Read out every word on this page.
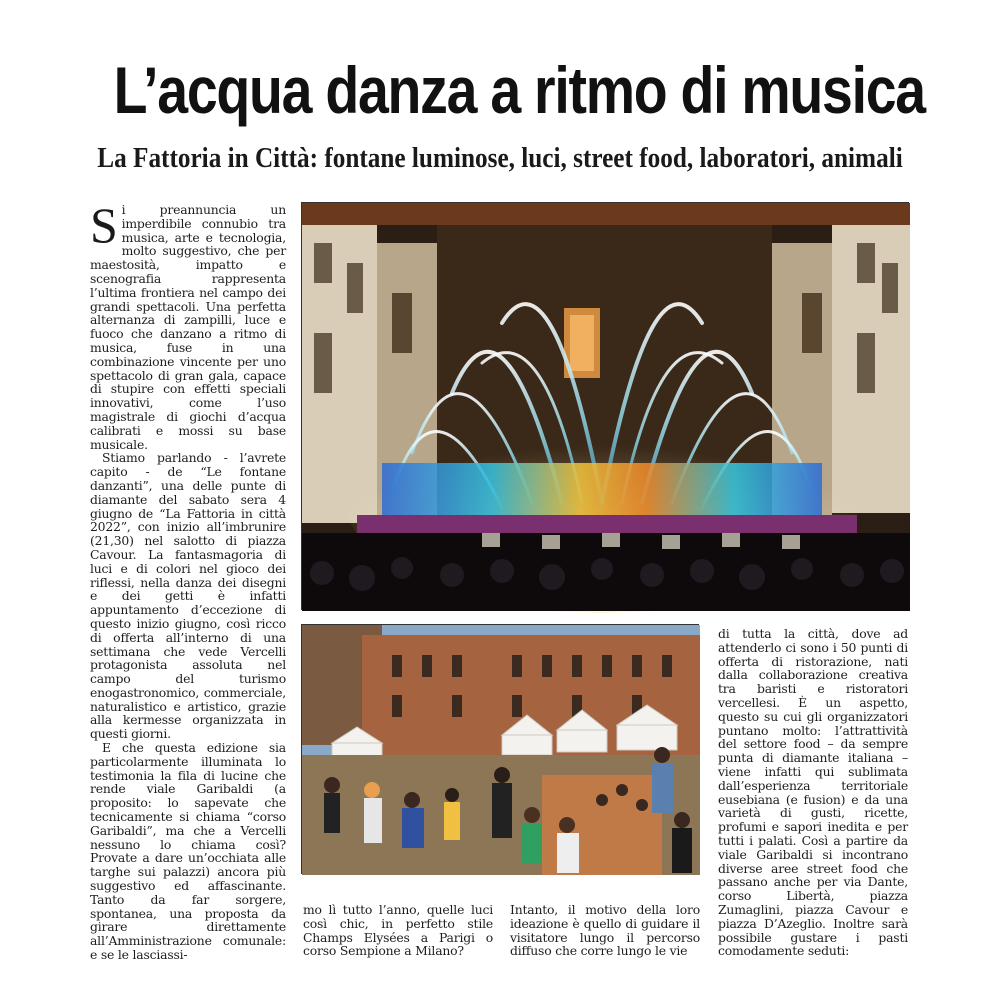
L’acqua danza a ritmo di musica
La Fattoria in Città: fontane luminose, luci, street food, laboratori, animali

Si preannuncia un imperdibile connubio tra musica, arte e tecnologia, molto suggestivo, che per maestosità, impatto e scenografia rappresenta l’ultima frontiera nel campo dei grandi spettacoli. Una perfetta alternanza di zampilli, luce e fuoco che danzano a ritmo di musica, fuse in una combinazione vincente per uno spettacolo di gran gala, capace di stupire con effetti speciali innovativi, come l’uso magistrale di giochi d’acqua calibrati e mossi su base musicale.

Stiamo parlando - l’avrete capito - de “Le fontane danzanti”, una delle punte di diamante del sabato sera 4 giugno de “La Fattoria in città 2022”, con inizio all’imbrunire (21,30) nel salotto di piazza Cavour. La fantasmagoria di luci e di colori nel gioco dei riflessi, nella danza dei disegni e dei getti è infatti appuntamento d’eccezione di questo inizio giugno, così ricco di offerta all’interno di una settimana che vede Vercelli protagonista assoluta nel campo del turismo enogastronomico, commerciale, naturalistico e artistico, grazie alla kermesse organizzata in questi giorni.

E che questa edizione sia particolarmente illuminata lo testimonia la fila di lucine che rende viale Garibaldi (a proposito: lo sapevate che tecnicamente si chiama “corso Garibaldi”, ma che a Vercelli nessuno lo chiama così? Provate a dare un’occhiata alle targhe sui palazzi) ancora più suggestivo ed affascinante. Tanto da far sorgere, spontanea, una proposta da girare direttamente all’Amministrazione comunale: e se le lasciassi-

mo lì tutto l’anno, quelle luci così chic, in perfetto stile Champs Elysées a Parigi o corso Sempione a Milano?

Intanto, il motivo della loro ideazione è quello di guidare il visitatore lungo il percorso diffuso che corre lungo le vie

di tutta la città, dove ad attenderlo ci sono i 50 punti di offerta di ristorazione, nati dalla collaborazione creativa tra baristi e ristoratori vercellesi. È un aspetto, questo su cui gli organizzatori puntano molto: l’attrattività del settore food – da sempre punta di diamante italiana – viene infatti qui sublimata dall’esperienza territoriale eusebiana (e fusion) e da una varietà di gusti, ricette, profumi e sapori inedita e per tutti i palati. Così a partire da viale Garibaldi si incontrano diverse aree street food che passano anche per via Dante, corso Libertà, piazza Zumaglini, piazza Cavour e piazza D’Azeglio. Inoltre sarà possibile gustare i pasti comodamente seduti:
